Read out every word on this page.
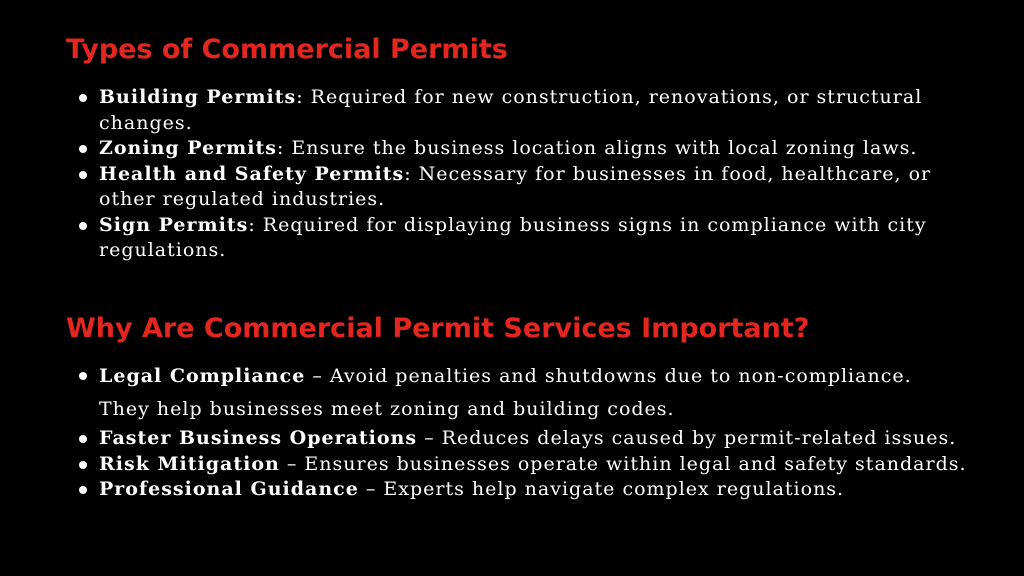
Types of Commercial Permits
Building Permits: Required for new construction, renovations, or structural changes.
Zoning Permits: Ensure the business location aligns with local zoning laws.
Health and Safety Permits: Necessary for businesses in food, healthcare, or other regulated industries.
Sign Permits: Required for displaying business signs in compliance with city regulations.
Why Are Commercial Permit Services Important?
Legal Compliance – Avoid penalties and shutdowns due to non-compliance. They help businesses meet zoning and building codes.
Faster Business Operations – Reduces delays caused by permit-related issues.
Risk Mitigation – Ensures businesses operate within legal and safety standards.
Professional Guidance – Experts help navigate complex regulations.
